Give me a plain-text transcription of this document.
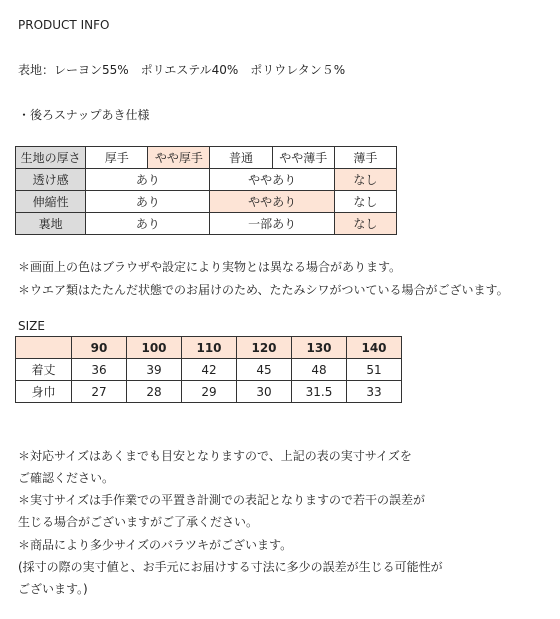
PRODUCT INFO
表地：レーヨン55%　ポリエステル40%　ポリウレタン５%
・後ろスナップあき仕様
生地の厚さ	厚手	やや厚手	普通	やや薄手	薄手
透け感	あり		ややあり		なし
伸縮性	あり		ややあり		なし
裏地	あり		一部あり		なし
＊画面上の色はブラウザや設定により実物とは異なる場合があります。
＊ウエア類はたたんだ状態でのお届けのため、たたみシワがついている場合がございます。
SIZE
	90	100	110	120	130	140
着丈	36	39	42	45	48	51
身巾	27	28	29	30	31.5	33
＊対応サイズはあくまでも目安となりますので、上記の表の実寸サイズを
ご確認ください。
＊実寸サイズは手作業での平置き計測での表記となりますので若干の誤差が
生じる場合がございますがご了承ください。
＊商品により多少サイズのバラツキがございます。
(採寸の際の実寸値と、お手元にお届けする寸法に多少の誤差が生じる可能性が
ございます。)
